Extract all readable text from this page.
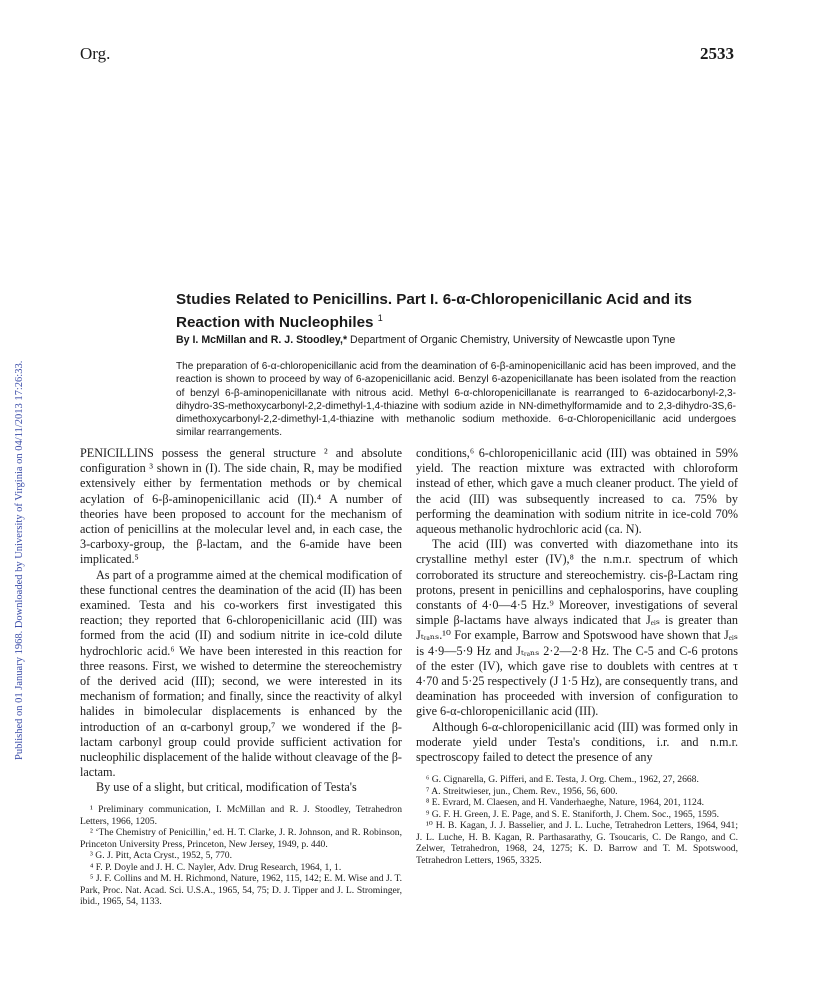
Published on 01 January 1968. Downloaded by University of Virginia on 04/11/2013 17:26:33.
Org.	2533
Studies Related to Penicillins. Part I. 6-α-Chloropenicillanic Acid and its Reaction with Nucleophiles $^1$
By I. McMillan and R. J. Stoodley,* Department of Organic Chemistry, University of Newcastle upon Tyne
The preparation of 6-α-chloropenicillanic acid from the deamination of 6-β-aminopenicillanic acid has been improved, and the reaction is shown to proceed by way of 6-azopenicillanic acid. Benzyl 6-azopenicillanate has been isolated from the reaction of benzyl 6-β-aminopenicillanate with nitrous acid. Methyl 6-α-chloropenicillanate is rearranged to 6-azidocarbonyl-2,3-dihydro-3S-methoxycarbonyl-2,2-dimethyl-1,4-thiazine with sodium azide in NN-dimethylformamide and to 2,3-dihydro-3S,6-dimethoxycarbonyl-2,2-dimethyl-1,4-thiazine with methanolic sodium methoxide. 6-α-Chloropenicillanic acid undergoes similar rearrangements.

PENICILLINS possess the general structure ² and absolute configuration ³ shown in (I). The side chain, R, may be modified extensively either by fermentation methods or by chemical acylation of 6-β-aminopenicillanic acid (II).⁴ A number of theories have been proposed to account for the mechanism of action of penicillins at the molecular level and, in each case, the 3-carboxy-group, the β-lactam, and the 6-amide have been implicated.⁵

As part of a programme aimed at the chemical modification of these functional centres the deamination of the acid (II) has been examined. Testa and his co-workers first investigated this reaction; they reported that 6-chloropenicillanic acid (III) was formed from the acid (II) and sodium nitrite in ice-cold dilute hydrochloric acid.⁶ We have been interested in this reaction for three reasons. First, we wished to determine the stereochemistry of the derived acid (III); second, we were interested in its mechanism of formation; and finally, since the reactivity of alkyl halides in bimolecular displacements is enhanced by the introduction of an α-carbonyl group,⁷ we wondered if the β-lactam carbonyl group could provide sufficient activation for nucleophilic displacement of the halide without cleavage of the β-lactam.

By use of a slight, but critical, modification of Testa's

conditions,⁶ 6-chloropenicillanic acid (III) was obtained in 59% yield. The reaction mixture was extracted with chloroform instead of ether, which gave a much cleaner product. The yield of the acid (III) was subsequently increased to ca. 75% by performing the deamination with sodium nitrite in ice-cold 70% aqueous methanolic hydrochloric acid (ca. N).

The acid (III) was converted with diazomethane into its crystalline methyl ester (IV),⁸ the n.m.r. spectrum of which corroborated its structure and stereochemistry. cis-β-Lactam ring protons, present in penicillins and cephalosporins, have coupling constants of 4·0—4·5 Hz.⁹ Moreover, investigations of several simple β-lactams have always indicated that Jₑᵢₛ is greater than Jₜᵣₐₙₛ.¹⁰ For example, Barrow and Spotswood have shown that Jₑᵢₛ is 4·9—5·9 Hz and Jₜᵣₐₙₛ 2·2—2·8 Hz. The C-5 and C-6 protons of the ester (IV), which gave rise to doublets with centres at τ 4·70 and 5·25 respectively (J 1·5 Hz), are consequently trans, and deamination has proceeded with inversion of configuration to give 6-α-chloropenicillanic acid (III).

Although 6-α-chloropenicillanic acid (III) was formed only in moderate yield under Testa's conditions, i.r. and n.m.r. spectroscopy failed to detect the presence of any

¹ Preliminary communication, I. McMillan and R. J. Stoodley, Tetrahedron Letters, 1966, 1205.

² ‘The Chemistry of Penicillin,’ ed. H. T. Clarke, J. R. Johnson, and R. Robinson, Princeton University Press, Princeton, New Jersey, 1949, p. 440.

³ G. J. Pitt, Acta Cryst., 1952, 5, 770.

⁴ F. P. Doyle and J. H. C. Nayler, Adv. Drug Research, 1964, 1, 1.

⁵ J. F. Collins and M. H. Richmond, Nature, 1962, 115, 142; E. M. Wise and J. T. Park, Proc. Nat. Acad. Sci. U.S.A., 1965, 54, 75; D. J. Tipper and J. L. Strominger, ibid., 1965, 54, 1133.

⁶ G. Cignarella, G. Pifferi, and E. Testa, J. Org. Chem., 1962, 27, 2668.

⁷ A. Streitwieser, jun., Chem. Rev., 1956, 56, 600.

⁸ E. Evrard, M. Claesen, and H. Vanderhaeghe, Nature, 1964, 201, 1124.

⁹ G. F. H. Green, J. E. Page, and S. E. Staniforth, J. Chem. Soc., 1965, 1595.

¹⁰ H. B. Kagan, J. J. Basselier, and J. L. Luche, Tetrahedron Letters, 1964, 941; J. L. Luche, H. B. Kagan, R. Parthasarathy, G. Tsoucaris, C. De Rango, and C. Zelwer, Tetrahedron, 1968, 24, 1275; K. D. Barrow and T. M. Spotswood, Tetrahedron Letters, 1965, 3325.
